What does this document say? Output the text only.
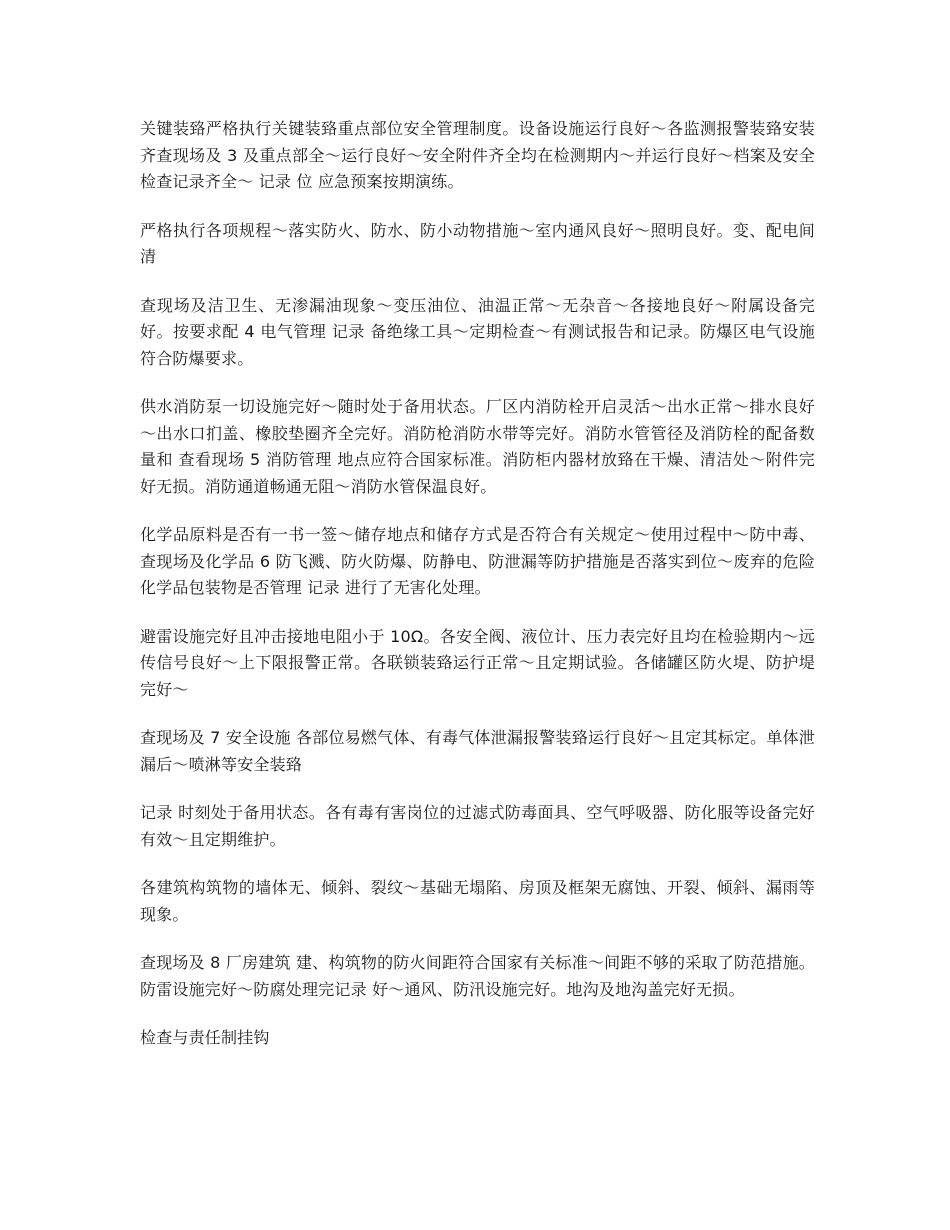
关键装臵严格执行关键装臵重点部位安全管理制度。设备设施运行良好～各监测报警装臵安装齐查现场及 3 及重点部全～运行良好～安全附件齐全均在检测期内～并运行良好～档案及安全检查记录齐全～ 记录 位 应急预案按期演练。

严格执行各项规程～落实防火、防水、防小动物措施～室内通风良好～照明良好。变、配电间清

查现场及洁卫生、无渗漏油现象～变压油位、油温正常～无杂音～各接地良好～附属设备完好。按要求配 4 电气管理 记录 备绝缘工具～定期检查～有测试报告和记录。防爆区电气设施符合防爆要求。

供水消防泵一切设施完好～随时处于备用状态。厂区内消防栓开启灵活～出水正常～排水良好～出水口扪盖、橡胶垫圈齐全完好。消防枪消防水带等完好。消防水管管径及消防栓的配备数量和 查看现场 5 消防管理 地点应符合国家标准。消防柜内器材放臵在干燥、清洁处～附件完好无损。消防通道畅通无阻～消防水管保温良好。

化学品原料是否有一书一签～储存地点和储存方式是否符合有关规定～使用过程中～防中毒、查现场及化学品 6 防飞溅、防火防爆、防静电、防泄漏等防护措施是否落实到位～废弃的危险化学品包装物是否管理 记录 进行了无害化处理。

避雷设施完好且冲击接地电阻小于 10Ω。各安全阀、液位计、压力表完好且均在检验期内～远传信号良好～上下限报警正常。各联锁装臵运行正常～且定期试验。各储罐区防火堤、防护堤完好～

查现场及 7 安全设施 各部位易燃气体、有毒气体泄漏报警装臵运行良好～且定其标定。单体泄漏后～喷淋等安全装臵

记录 时刻处于备用状态。各有毒有害岗位的过滤式防毒面具、空气呼吸器、防化服等设备完好有效～且定期维护。

各建筑构筑物的墙体无、倾斜、裂纹～基础无塌陷、房顶及框架无腐蚀、开裂、倾斜、漏雨等现象。

查现场及 8 厂房建筑 建、构筑物的防火间距符合国家有关标准～间距不够的采取了防范措施。防雷设施完好～防腐处理完记录 好～通风、防汛设施完好。地沟及地沟盖完好无损。

检查与责任制挂钩
